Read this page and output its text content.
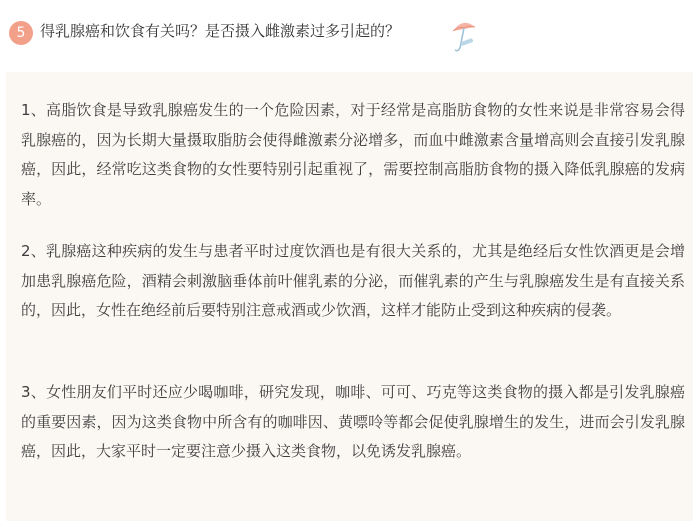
5 得乳腺癌和饮食有关吗？是否摄入雌激素过多引起的？

1、高脂饮食是导致乳腺癌发生的一个危险因素，对于经常是高脂肪食物的女性来说是非常容易会得乳腺癌的，因为长期大量摄取脂肪会使得雌激素分泌增多，而血中雌激素含量增高则会直接引发乳腺癌，因此，经常吃这类食物的女性要特别引起重视了，需要控制高脂肪食物的摄入降低乳腺癌的发病率。

2、乳腺癌这种疾病的发生与患者平时过度饮酒也是有很大关系的，尤其是绝经后女性饮酒更是会增加患乳腺癌危险，酒精会刺激脑垂体前叶催乳素的分泌，而催乳素的产生与乳腺癌发生是有直接关系的，因此，女性在绝经前后要特别注意戒酒或少饮酒，这样才能防止受到这种疾病的侵袭。

3、女性朋友们平时还应少喝咖啡，研究发现，咖啡、可可、巧克等这类食物的摄入都是引发乳腺癌的重要因素，因为这类食物中所含有的咖啡因、黄嘌呤等都会促使乳腺增生的发生，进而会引发乳腺癌，因此，大家平时一定要注意少摄入这类食物，以免诱发乳腺癌。
